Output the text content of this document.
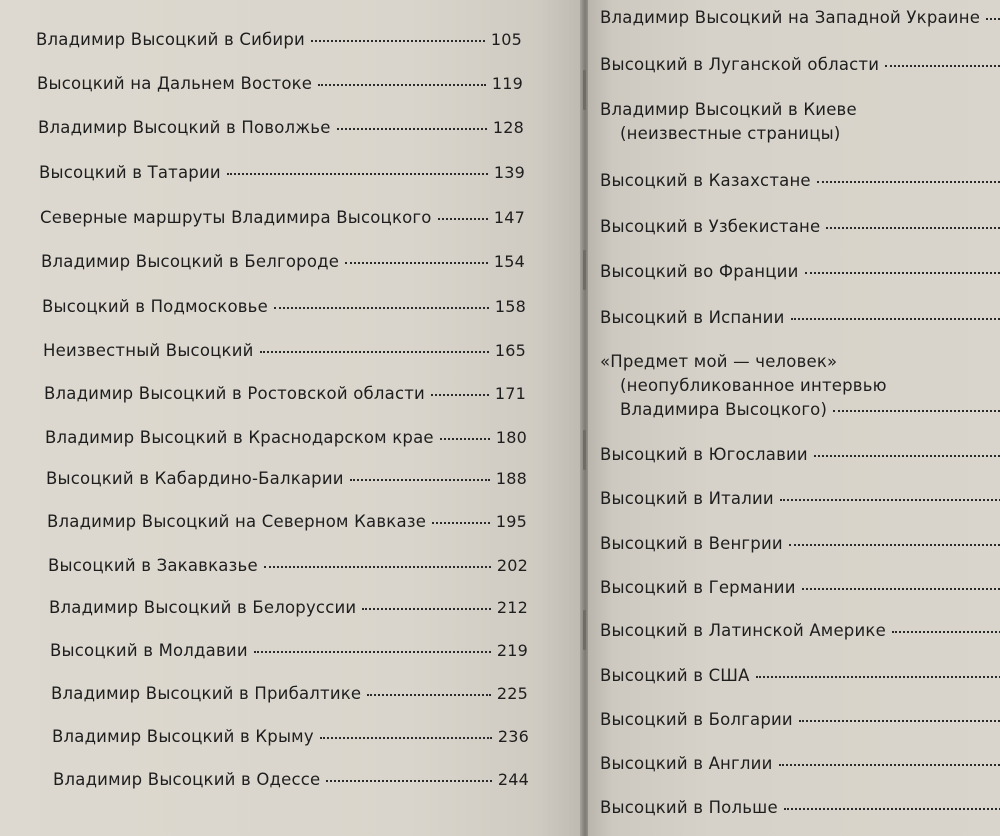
Владимир Высоцкий в Сибири	105
Высоцкий на Дальнем Востоке	119
Владимир Высоцкий в Поволжье	128
Высоцкий в Татарии	139
Северные маршруты Владимира Высоцкого	147
Владимир Высоцкий в Белгороде	154
Высоцкий в Подмосковье	158
Неизвестный Высоцкий	165
Владимир Высоцкий в Ростовской области	171
Владимир Высоцкий в Краснодарском крае	180
Высоцкий в Кабардино-Балкарии	188
Владимир Высоцкий на Северном Кавказе	195
Высоцкий в Закавказье	202
Владимир Высоцкий в Белоруссии	212
Высоцкий в Молдавии	219
Владимир Высоцкий в Прибалтике	225
Владимир Высоцкий в Крыму	236
Владимир Высоцкий в Одессе	244
Владимир Высоцкий на Западной Украине
Высоцкий в Луганской области
Владимир Высоцкий в Киеве
(неизвестные страницы)
Высоцкий в Казахстане
Высоцкий в Узбекистане
Высоцкий во Франции
Высоцкий в Испании
«Предмет мой — человек»
(неопубликованное интервью
Владимира Высоцкого)
Высоцкий в Югославии
Высоцкий в Италии
Высоцкий в Венгрии
Высоцкий в Германии
Высоцкий в Латинской Америке
Высоцкий в США
Высоцкий в Болгарии
Высоцкий в Англии
Высоцкий в Польше
